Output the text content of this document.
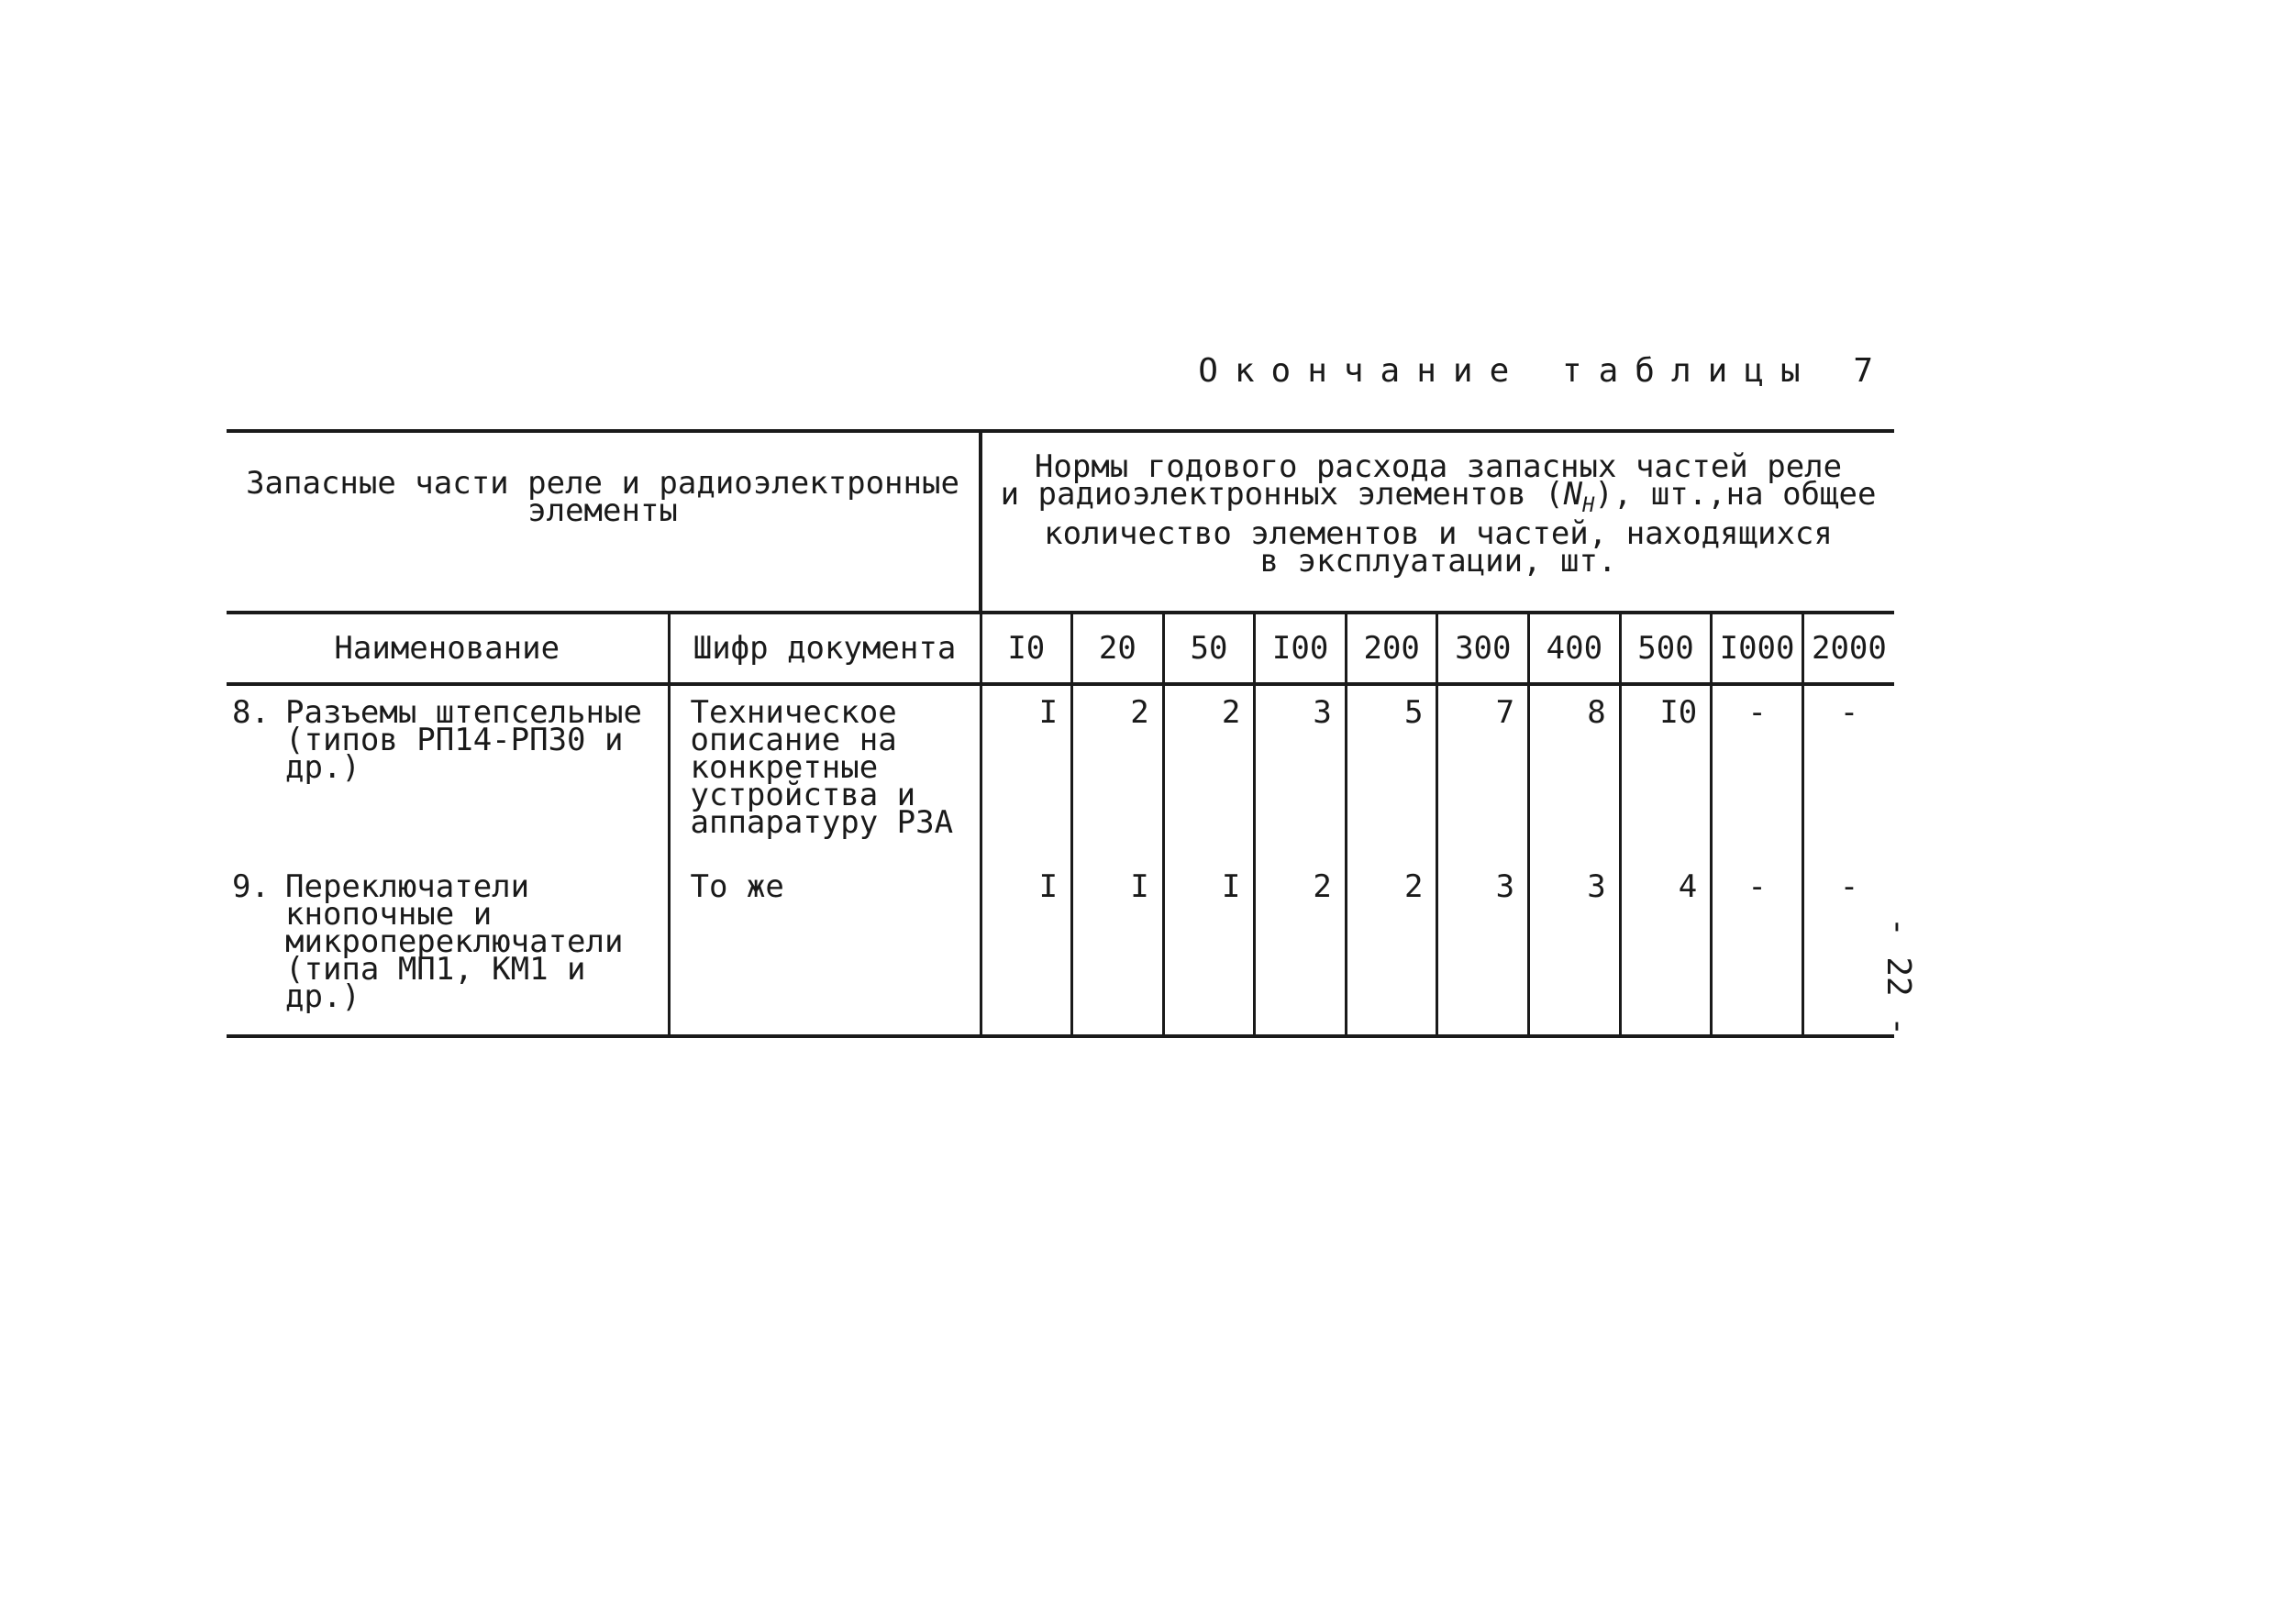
Окончание таблицы 7
Запасные части реле и радиоэлектронные элементы		Нормы годового расхода запасных частей реле
и радиоэлектронных элементов $(N_H)$, шт.,на общее
количество элементов и частей, находящихся
в эксплуатации, шт.									

Наименование	Шифр документа	I0	20	50	I00	200	300	400	500	I000	2000

8. Разъемы штепсельные (типов РП14-РП30 и др.)	Техническое описание на конкретные устройства и аппаратуру РЗА	I	2	2	3	5	7	8	I0	-	-

9. Переключатели кнопочные и микропереключатели (типа МП1, КМ1 и др.)	То же	I	I	I	2	2	3	3	4	-	-
- 22 -
